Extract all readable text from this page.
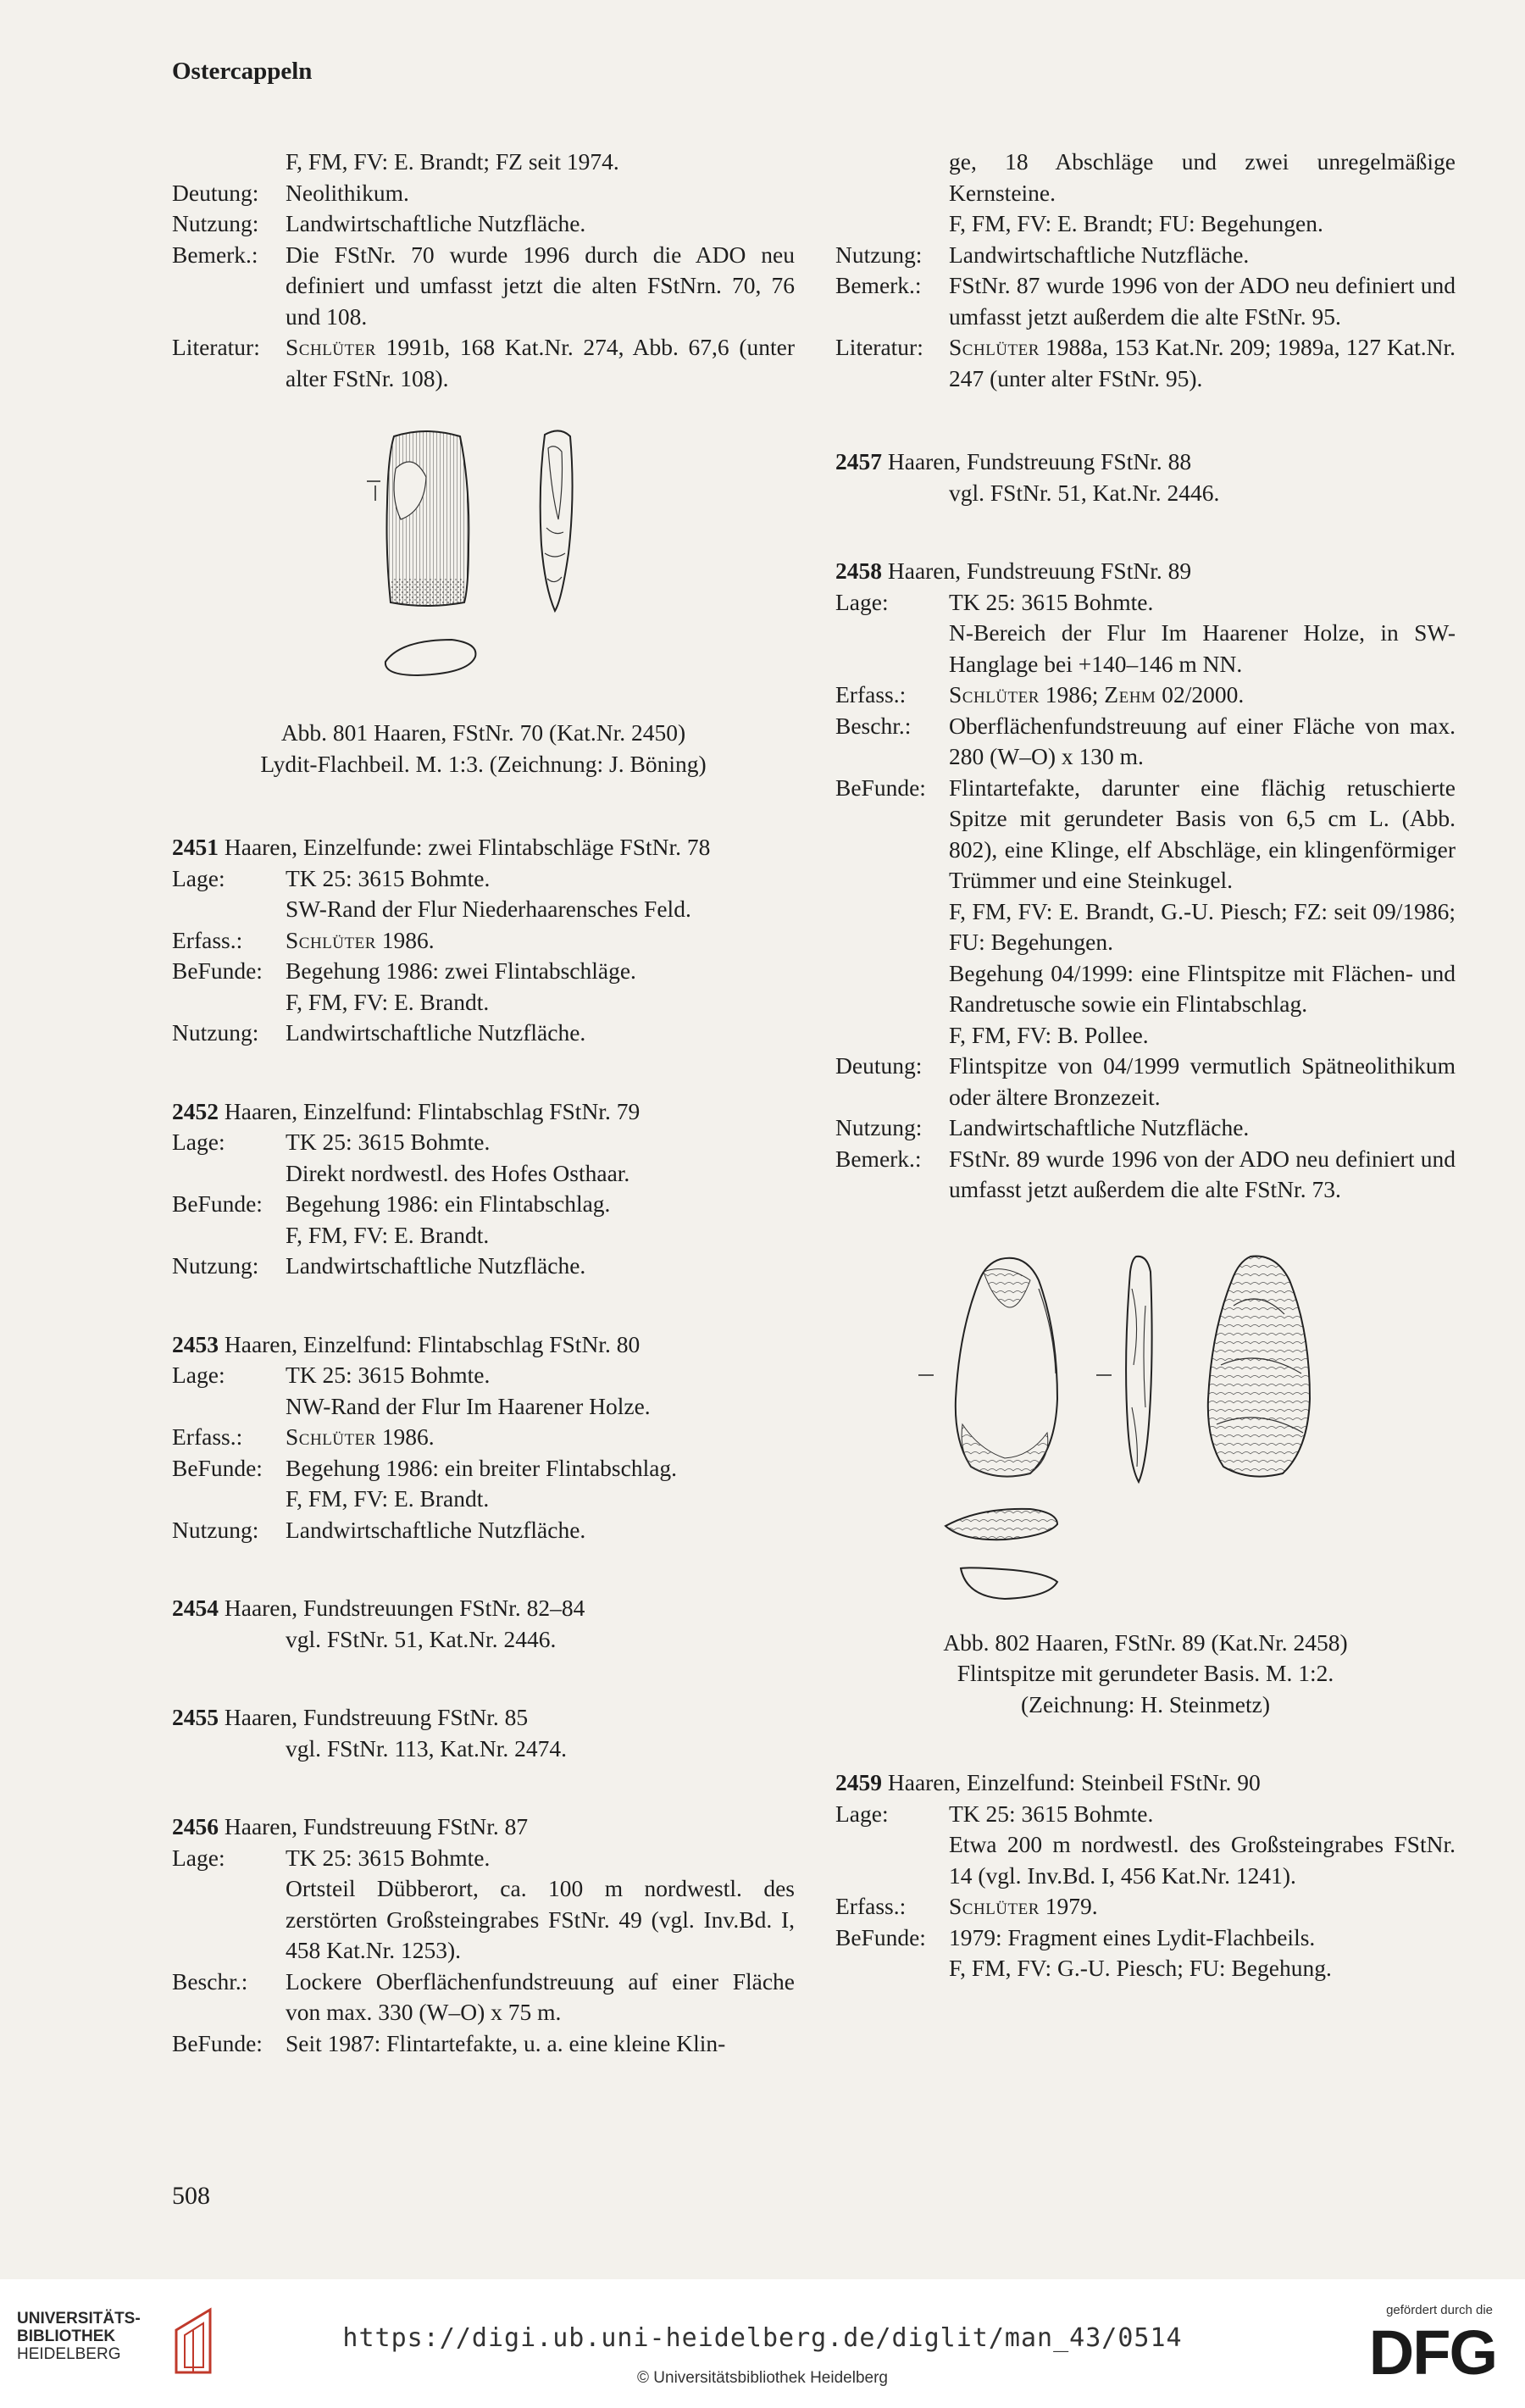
Ostercappeln
F, FM, FV: E. Brandt; FZ seit 1974.
Deutung:	Neolithikum.
Nutzung:	Landwirtschaftliche Nutzfläche.
Bemerk.:	Die FStNr. 70 wurde 1996 durch die ADO neu definiert und umfasst jetzt die alten FStNrn. 70, 76 und 108.
Literatur:	Schlüter 1991b, 168 Kat.Nr. 274, Abb. 67,6 (unter alter FStNr. 108).
Abb. 801 Haaren, FStNr. 70 (Kat.Nr. 2450)
Lydit-Flachbeil. M. 1:3. (Zeichnung: J. Böning)
2451 Haaren, Einzelfunde: zwei Flintabschläge FStNr. 78
Lage:	TK 25: 3615 Bohmte.
SW-Rand der Flur Niederhaarensches Feld.
Erfass.:	Schlüter 1986.
BeFunde: Begehung 1986: zwei Flintabschläge.
F, FM, FV: E. Brandt.
Nutzung:	Landwirtschaftliche Nutzfläche.
2452 Haaren, Einzelfund: Flintabschlag FStNr. 79
Lage:	TK 25: 3615 Bohmte.
Direkt nordwestl. des Hofes Osthaar.
BeFunde: Begehung 1986: ein Flintabschlag.
F, FM, FV: E. Brandt.
Nutzung:	Landwirtschaftliche Nutzfläche.
2453 Haaren, Einzelfund: Flintabschlag FStNr. 80
Lage:	TK 25: 3615 Bohmte.
NW-Rand der Flur Im Haarener Holze.
Erfass.:	Schlüter 1986.
BeFunde: Begehung 1986: ein breiter Flintabschlag.
F, FM, FV: E. Brandt.
Nutzung:	Landwirtschaftliche Nutzfläche.
2454 Haaren, Fundstreuungen FStNr. 82–84
vgl. FStNr. 51, Kat.Nr. 2446.
2455 Haaren, Fundstreuung FStNr. 85
vgl. FStNr. 113, Kat.Nr. 2474.
2456 Haaren, Fundstreuung FStNr. 87
Lage:	TK 25: 3615 Bohmte.
Ortsteil Dübberort, ca. 100 m nordwestl. des zerstörten Großsteingrabes FStNr. 49 (vgl. Inv.Bd. I, 458 Kat.Nr. 1253).
Beschr.:	Lockere Oberflächenfundstreuung auf einer Fläche von max. 330 (W–O) x 75 m.
BeFunde: Seit 1987: Flintartefakte, u. a. eine kleine Klin-
ge, 18 Abschläge und zwei unregelmäßige Kernsteine.
F, FM, FV: E. Brandt; FU: Begehungen.
Nutzung:	Landwirtschaftliche Nutzfläche.
Bemerk.:	FStNr. 87 wurde 1996 von der ADO neu definiert und umfasst jetzt außerdem die alte FStNr. 95.
Literatur:	Schlüter 1988a, 153 Kat.Nr. 209; 1989a, 127 Kat.Nr. 247 (unter alter FStNr. 95).
2457 Haaren, Fundstreuung FStNr. 88
vgl. FStNr. 51, Kat.Nr. 2446.
2458 Haaren, Fundstreuung FStNr. 89
Lage:	TK 25: 3615 Bohmte.
N-Bereich der Flur Im Haarener Holze, in SW-Hanglage bei +140–146 m NN.
Erfass.:	Schlüter 1986; Zehm 02/2000.
Beschr.:	Oberflächenfundstreuung auf einer Fläche von max. 280 (W–O) x 130 m.
BeFunde: Flintartefakte, darunter eine flächig retuschierte Spitze mit gerundeter Basis von 6,5 cm L. (Abb. 802), eine Klinge, elf Abschläge, ein klingenförmiger Trümmer und eine Steinkugel.
F, FM, FV: E. Brandt, G.-U. Piesch; FZ: seit 09/1986; FU: Begehungen.
Begehung 04/1999: eine Flintspitze mit Flächen- und Randretusche sowie ein Flintabschlag.
F, FM, FV: B. Pollee.
Deutung:	Flintspitze von 04/1999 vermutlich Spätneolithikum oder ältere Bronzezeit.
Nutzung:	Landwirtschaftliche Nutzfläche.
Bemerk.:	FStNr. 89 wurde 1996 von der ADO neu definiert und umfasst jetzt außerdem die alte FStNr. 73.
Abb. 802 Haaren, FStNr. 89 (Kat.Nr. 2458)
Flintspitze mit gerundeter Basis. M. 1:2.
(Zeichnung: H. Steinmetz)
2459 Haaren, Einzelfund: Steinbeil FStNr. 90
Lage:	TK 25: 3615 Bohmte.
Etwa 200 m nordwestl. des Großsteingrabes FStNr. 14 (vgl. Inv.Bd. I, 456 Kat.Nr. 1241).
Erfass.:	Schlüter 1979.
BeFunde: 1979: Fragment eines Lydit-Flachbeils.
F, FM, FV: G.-U. Piesch; FU: Begehung.
508
UNIVERSITÄTS-
BIBLIOTHEK
HEIDELBERG
https://digi.ub.uni-heidelberg.de/diglit/man_43/0514
© Universitätsbibliothek Heidelberg
gefördert durch die
DFG
